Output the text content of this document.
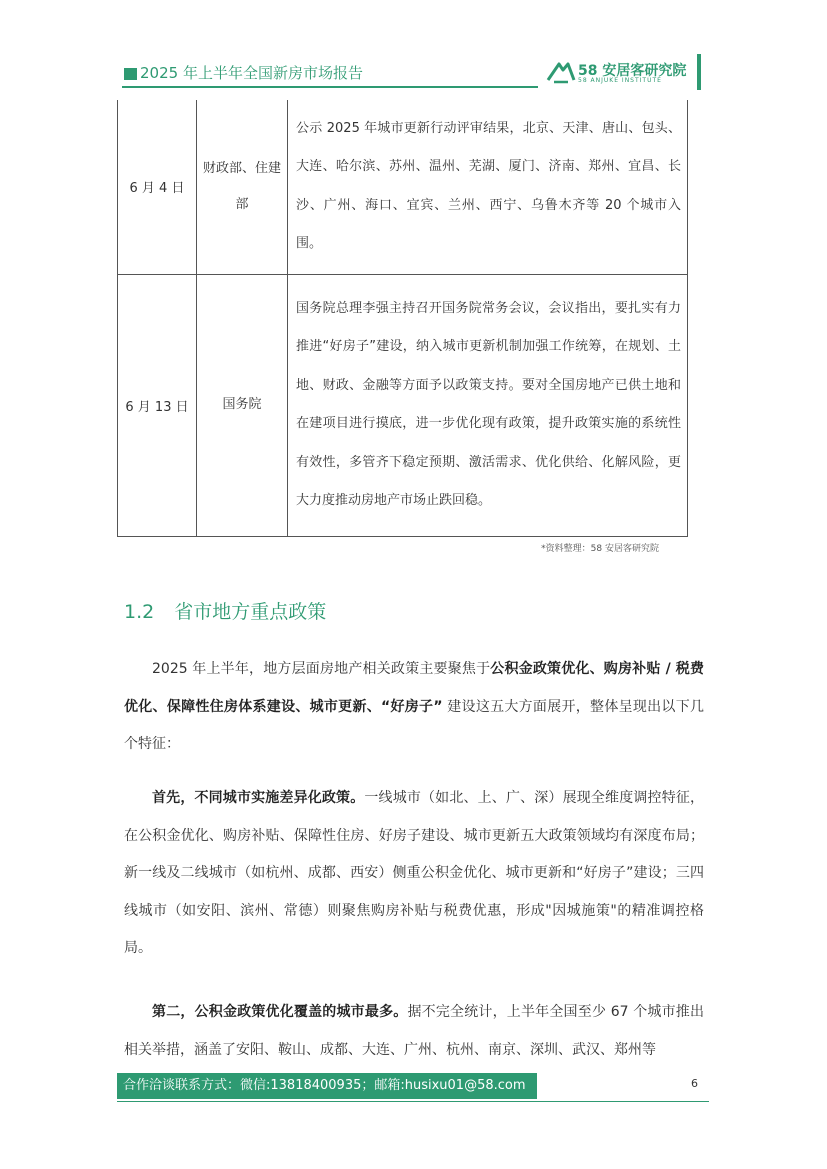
2025 年上半年全国新房市场报告	58 安居客研究院
58 ANJUKE INSTITUTE
6 月 4 日	财政部、住建部	公示 2025 年城市更新行动评审结果，北京、天津、唐山、包头、大连、哈尔滨、苏州、温州、芜湖、厦门、济南、郑州、宜昌、长沙、广州、海口、宜宾、兰州、西宁、乌鲁木齐等 20 个城市入围。
6 月 13 日	国务院	国务院总理李强主持召开国务院常务会议，会议指出，要扎实有力推进“好房子”建设，纳入城市更新机制加强工作统筹，在规划、土地、财政、金融等方面予以政策支持。要对全国房地产已供土地和在建项目进行摸底，进一步优化现有政策，提升政策实施的系统性有效性，多管齐下稳定预期、激活需求、优化供给、化解风险，更大力度推动房地产市场止跌回稳。
*资料整理：58 安居客研究院
1.2 省市地方重点政策

2025 年上半年，地方层面房地产相关政策主要聚焦于公积金政策优化、购房补贴 / 税费优化、保障性住房体系建设、城市更新、“好房子” 建设这五大方面展开，整体呈现出以下几个特征：

首先，不同城市实施差异化政策。一线城市（如北、上、广、深）展现全维度调控特征，在公积金优化、购房补贴、保障性住房、好房子建设、城市更新五大政策领域均有深度布局；新一线及二线城市（如杭州、成都、西安）侧重公积金优化、城市更新和“好房子”建设；三四线城市（如安阳、滨州、常德）则聚焦购房补贴与税费优惠，形成"因城施策"的精准调控格局。

第二，公积金政策优化覆盖的城市最多。据不完全统计，上半年全国至少 67 个城市推出相关举措，涵盖了安阳、鞍山、成都、大连、广州、杭州、南京、深圳、武汉、郑州等

合作洽谈联系方式：微信:13818400935；邮箱:husixu01@58.com	6
